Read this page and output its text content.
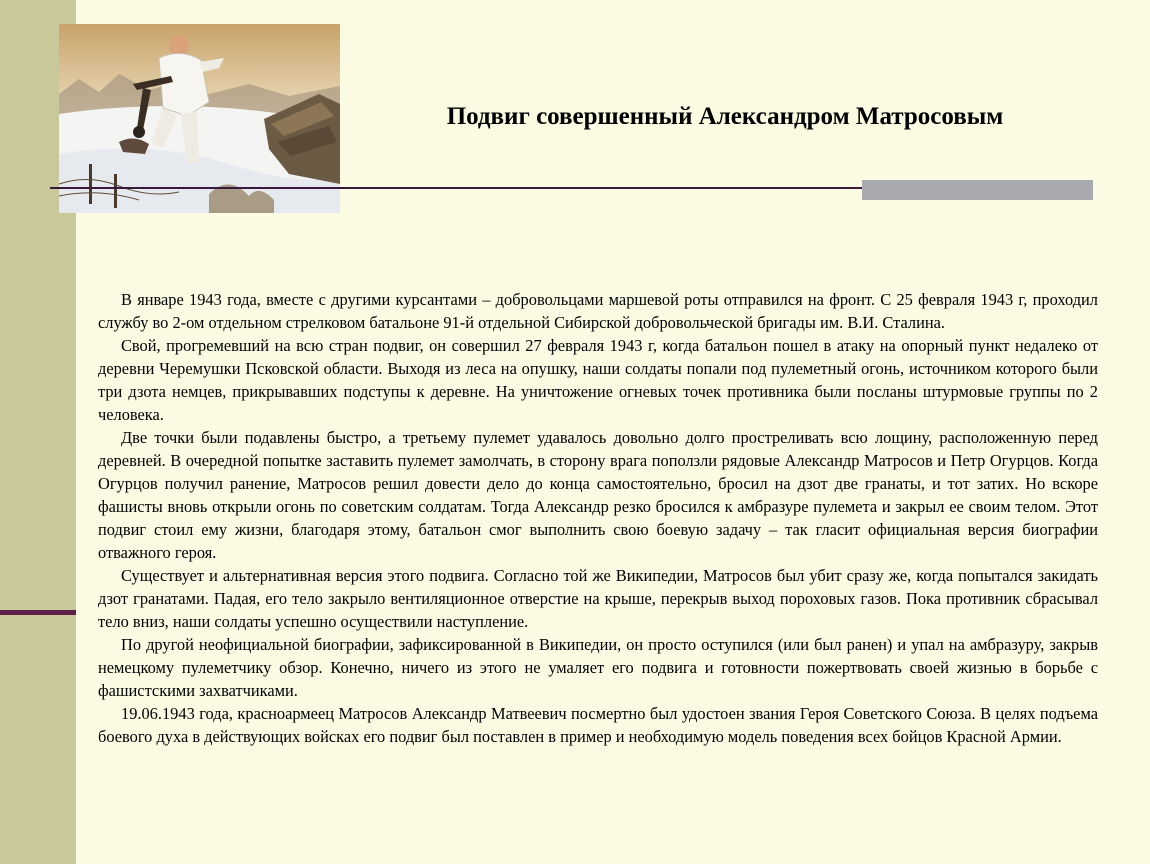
Подвиг совершенный Александром Матросовым

В январе 1943 года, вместе с другими курсантами – добровольцами маршевой роты отправился на фронт. С 25 февраля 1943 г, проходил службу во 2-ом отдельном стрелковом батальоне 91-й отдельной Сибирской добровольческой бригады им. В.И. Сталина.

Свой, прогремевший на всю стран подвиг, он совершил 27 февраля 1943 г, когда батальон пошел в атаку на опорный пункт недалеко от деревни Черемушки Псковской области. Выходя из леса на опушку, наши солдаты попали под пулеметный огонь, источником которого были три дзота немцев, прикрывавших подступы к деревне. На уничтожение огневых точек противника были посланы штурмовые группы по 2 человека.

Две точки были подавлены быстро, а третьему пулемет удавалось довольно долго простреливать всю лощину, расположенную перед деревней. В очередной попытке заставить пулемет замолчать, в сторону врага поползли рядовые Александр Матросов и Петр Огурцов. Когда Огурцов получил ранение, Матросов решил довести дело до конца самостоятельно, бросил на дзот две гранаты, и тот затих. Но вскоре фашисты вновь открыли огонь по советским солдатам. Тогда Александр резко бросился к амбразуре пулемета и закрыл ее своим телом. Этот подвиг стоил ему жизни, благодаря этому, батальон смог выполнить свою боевую задачу – так гласит официальная версия биографии отважного героя.

Существует и альтернативная версия этого подвига. Согласно той же Википедии, Матросов был убит сразу же, когда попытался закидать дзот гранатами. Падая, его тело закрыло вентиляционное отверстие на крыше, перекрыв выход пороховых газов. Пока противник сбрасывал тело вниз, наши солдаты успешно осуществили наступление.

По другой неофициальной биографии, зафиксированной в Википедии, он просто оступился (или был ранен) и упал на амбразуру, закрыв немецкому пулеметчику обзор. Конечно, ничего из этого не умаляет его подвига и готовности пожертвовать своей жизнью в борьбе с фашистскими захватчиками.

19.06.1943 года, красноармеец Матросов Александр Матвеевич посмертно был удостоен звания Героя Советского Союза. В целях подъема боевого духа в действующих войсках его подвиг был поставлен в пример и необходимую модель поведения всех бойцов Красной Армии.
